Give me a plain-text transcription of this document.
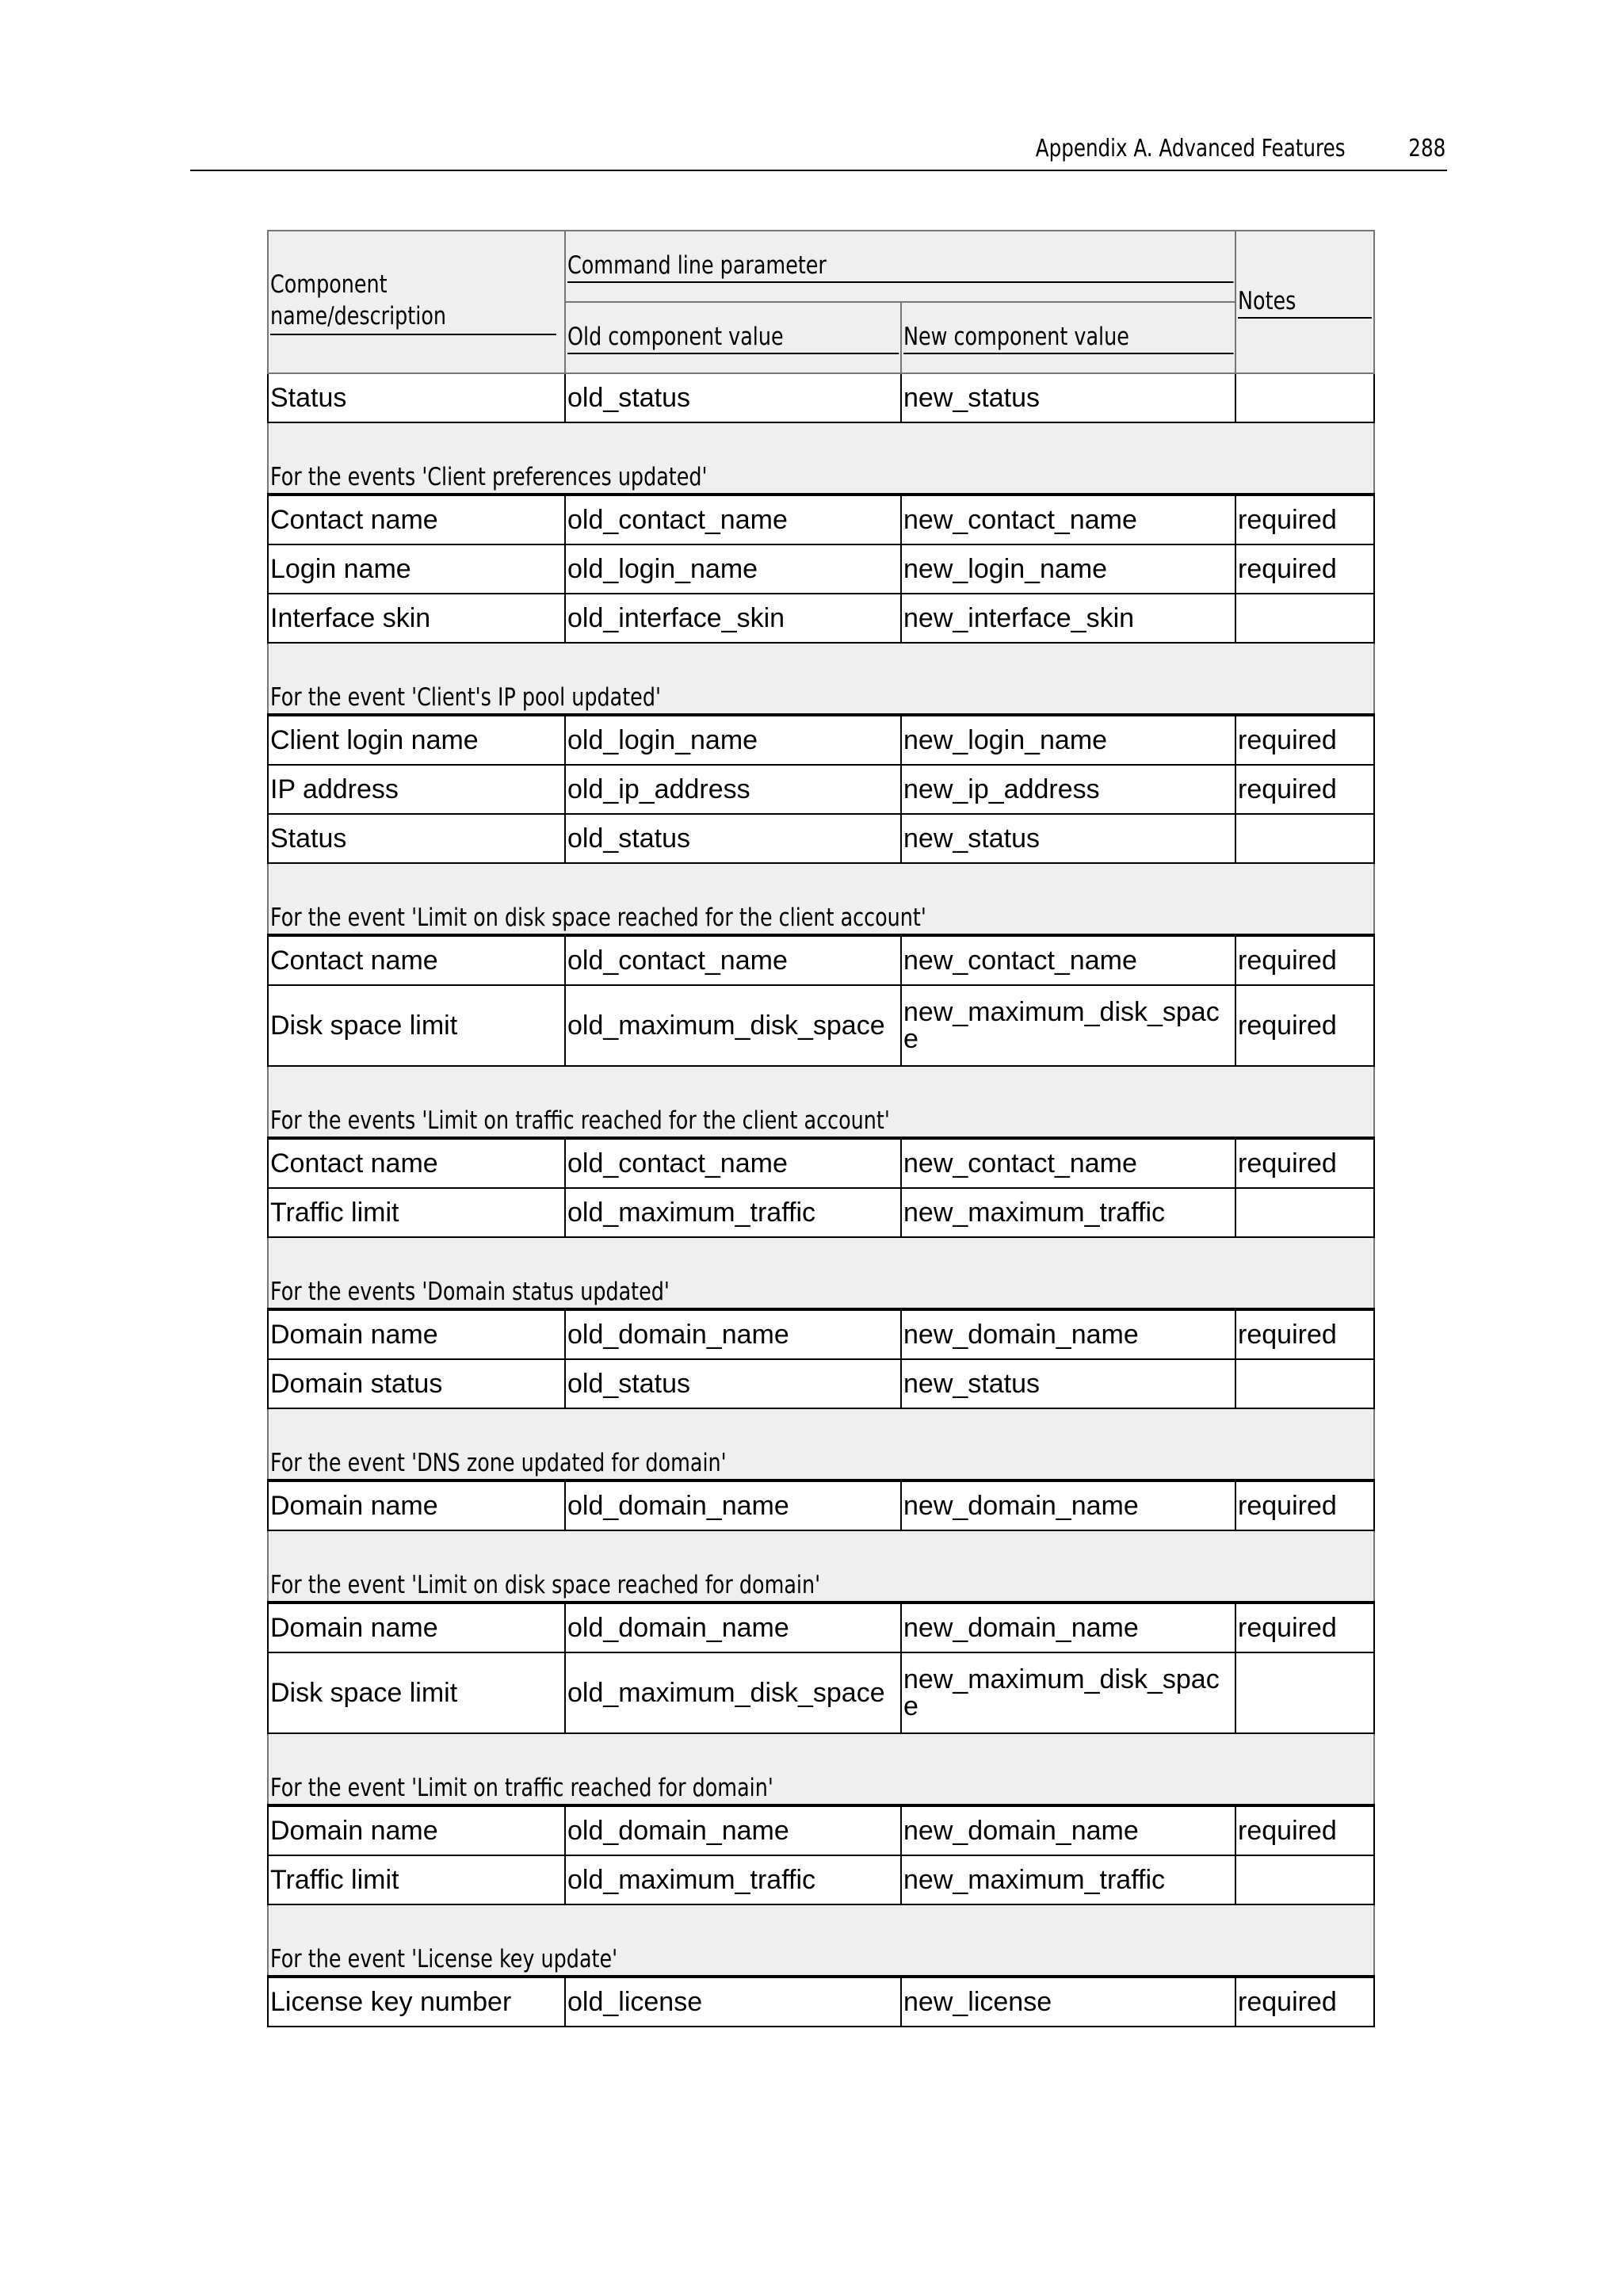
Appendix A. Advanced Features	288
Component name/description	Command line parameter		Notes

	Old component value	New component value	

Status	old_status	new_status	
For the events 'Client preferences updated'			
Contact name	old_contact_name	new_contact_name	required
Login name	old_login_name	new_login_name	required
Interface skin	old_interface_skin	new_interface_skin	
For the event 'Client's IP pool updated'			
Client login name	old_login_name	new_login_name	required
IP address	old_ip_address	new_ip_address	required
Status	old_status	new_status	
For the event 'Limit on disk space reached for the client account'			
Contact name	old_contact_name	new_contact_name	required
Disk space limit	old_maximum_disk_space	new_maximum_disk_space	required
For the events 'Limit on traffic reached for the client account'			
Contact name	old_contact_name	new_contact_name	required
Traffic limit	old_maximum_traffic	new_maximum_traffic	
For the events 'Domain status updated'			
Domain name	old_domain_name	new_domain_name	required
Domain status	old_status	new_status	
For the event 'DNS zone updated for domain'			
Domain name	old_domain_name	new_domain_name	required
For the event 'Limit on disk space reached for domain'			
Domain name	old_domain_name	new_domain_name	required
Disk space limit	old_maximum_disk_space	new_maximum_disk_space	
For the event 'Limit on traffic reached for domain'			
Domain name	old_domain_name	new_domain_name	required
Traffic limit	old_maximum_traffic	new_maximum_traffic	
For the event 'License key update'			
License key number	old_license	new_license	required
